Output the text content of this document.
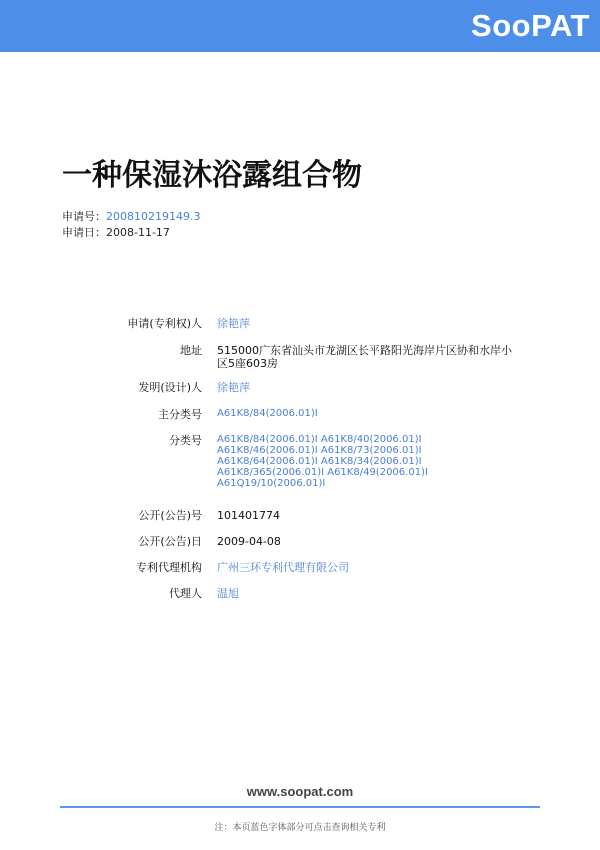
SooPAT
一种保湿沐浴露组合物
申请号：200810219149.3
申请日：2008-11-17
申请(专利权)人 徐艳萍
地址 515000广东省汕头市龙湖区长平路阳光海岸片区协和水岸小
区5座603房
发明(设计)人 徐艳萍
主分类号 A61K8/84(2006.01)I
分类号 A61K8/84(2006.01)I A61K8/40(2006.01)I
A61K8/46(2006.01)I A61K8/73(2006.01)I
A61K8/64(2006.01)I A61K8/34(2006.01)I
A61K8/365(2006.01)I A61K8/49(2006.01)I
A61Q19/10(2006.01)I
公开(公告)号 101401774
公开(公告)日 2009-04-08
专利代理机构 广州三环专利代理有限公司
代理人 温旭
www.soopat.com
注：本页蓝色字体部分可点击查询相关专利
